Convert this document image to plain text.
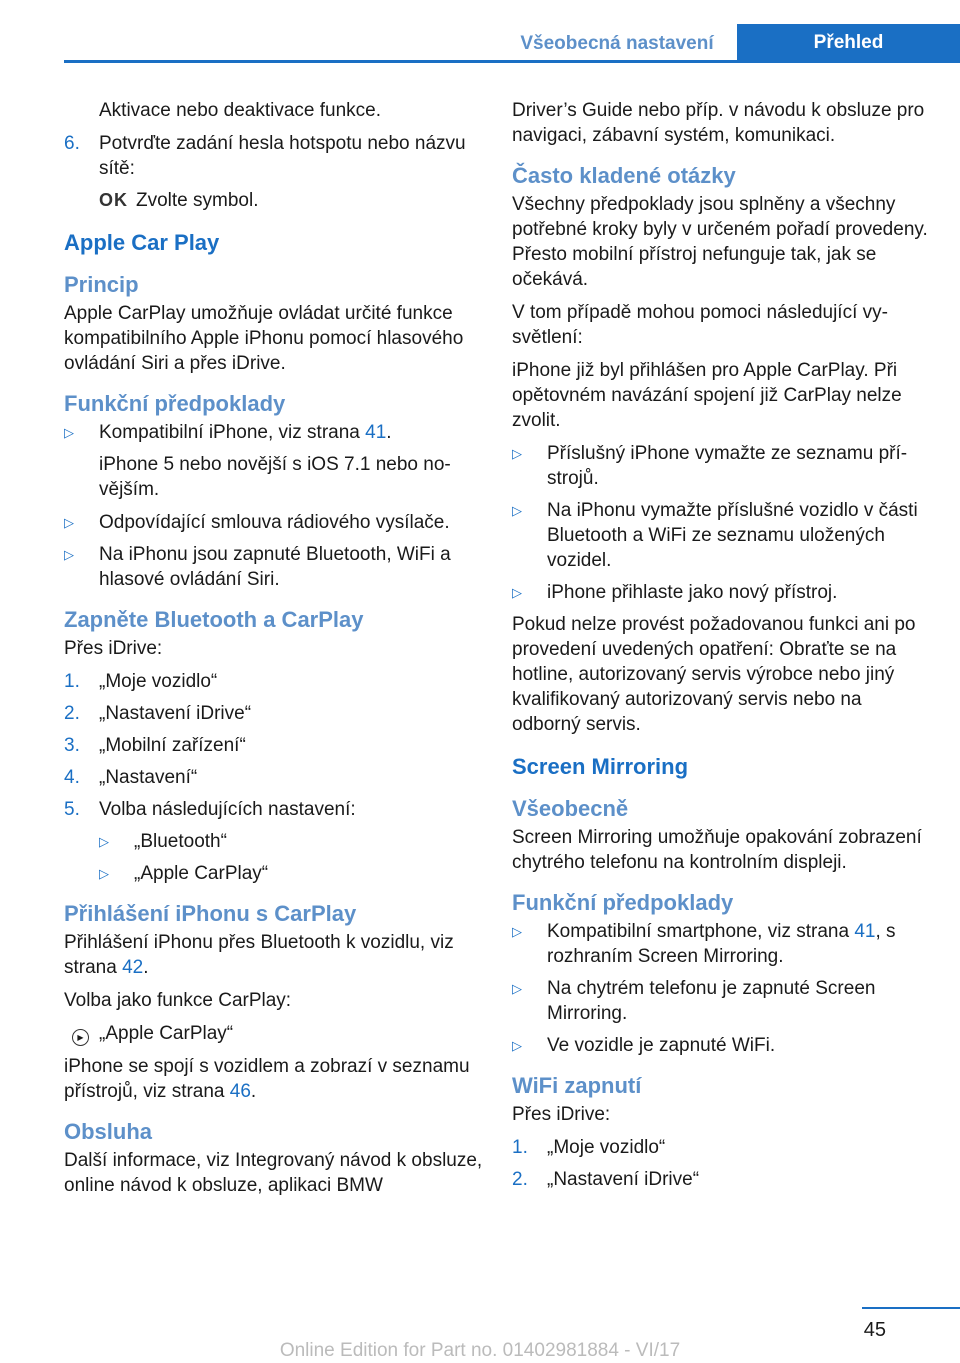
Všeobecná nastavení	Přehled

Aktivace nebo deaktivace funkce.

6. Potvrďte zadání hesla hotspotu nebo názvu sítě:

OK Zvolte symbol.

Apple Car Play
Princip

Apple CarPlay umožňuje ovládat určité funkce kompatibilního Apple iPhonu pomocí hlasového ovládání Siri a přes iDrive.

Funkční předpoklady
▷ Kompatibilní iPhone, viz strana 41.

iPhone 5 nebo novější s iOS 7.1 nebo novějším.

▷ Odpovídající smlouva rádiového vysílače.
▷ Na iPhonu jsou zapnuté Bluetooth, WiFi a hlasové ovládání Siri.
Zapněte Bluetooth a CarPlay

Přes iDrive:

1. „Moje vozidlo“
2. „Nastavení iDrive“
3. „Mobilní zařízení“
4. „Nastavení“
5. Volba následujících nastavení:
▷ „Bluetooth“
▷ „Apple CarPlay“
Přihlášení iPhonu s CarPlay

Přihlášení iPhonu přes Bluetooth k vozidlu, viz strana 42.

Volba jako funkce CarPlay:

▶ „Apple CarPlay“

iPhone se spojí s vozidlem a zobrazí v seznamu přístrojů, viz strana 46.

Obsluha

Další informace, viz Integrovaný návod k obsluze, online návod k obsluze, aplikaci BMW

Driver’s Guide nebo příp. v návodu k obsluze pro navigaci, zábavní systém, komunikaci.

Často kladené otázky

Všechny předpoklady jsou splněny a všechny potřebné kroky byly v určeném pořadí provedeny. Přesto mobilní přístroj nefunguje tak, jak se očekává.

V tom případě mohou pomoci následující vysvětlení:

iPhone již byl přihlášen pro Apple CarPlay. Při opětovném navázání spojení již CarPlay nelze zvolit.

▷ Příslušný iPhone vymažte ze seznamu přístrojů.
▷ Na iPhonu vymažte příslušné vozidlo v části Bluetooth a WiFi ze seznamu uložených vozidel.
▷ iPhone přihlaste jako nový přístroj.

Pokud nelze provést požadovanou funkci ani po provedení uvedených opatření: Obraťte se na hotline, autorizovaný servis výrobce nebo jiný kvalifikovaný autorizovaný servis nebo na odborný servis.

Screen Mirroring
Všeobecně

Screen Mirroring umožňuje opakování zobrazení chytrého telefonu na kontrolním displeji.

Funkční předpoklady
▷ Kompatibilní smartphone, viz strana 41, s rozhraním Screen Mirroring.
▷ Na chytrém telefonu je zapnuté Screen Mirroring.
▷ Ve vozidle je zapnuté WiFi.
WiFi zapnutí

Přes iDrive:

1. „Moje vozidlo“
2. „Nastavení iDrive“
45
Online Edition for Part no. 01402981884 - VI/17
